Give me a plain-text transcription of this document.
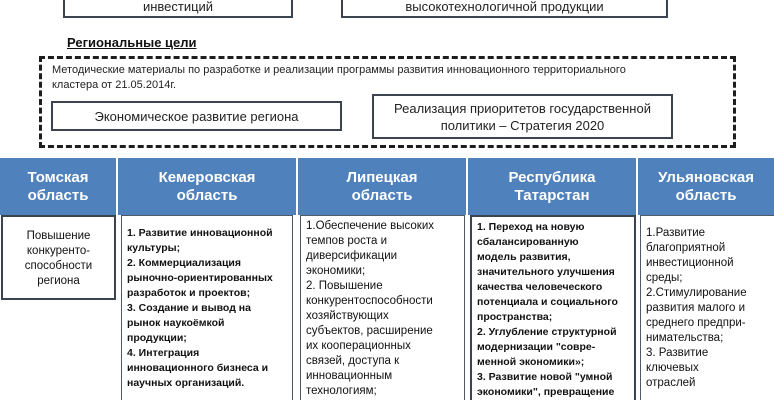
инвестиций	высокотехнологичной продукции
Региональные цели
Методические материалы по разработке и реализации программы развития инновационного территориального
кластера от 21.05.2014г.
Экономическое развитие региона
Реализация приоритетов государственной
политики – Стратегия 2020
Томская
область
Кемеровская
область
Липецкая
область
Республика
Татарстан
Ульяновская
область
Повышение
конкуренто-
способности
региона
1. Развитие инновационной
культуры;
2. Коммерциализация
рыночно-ориентированных
разработок и проектов;
3. Создание и вывод на
рынок наукоёмкой
продукции;
4. Интеграция
инновационного бизнеса и
научных организаций.
1.Обеспечение высоких
темпов роста и
диверсификации
экономики;
2. Повышение
конкурентоспособности
хозяйствующих
субъектов, расширение
их кооперационных
связей, доступа к
инновационным
технологиям;
1. Переход на новую
сбалансированную
модель развития,
значительного улучшения
качества человеческого
потенциала и социального
пространства;
2. Углубление структурной
модернизации "совре-
менной экономики»;
3. Развитие новой "умной
экономики", превращение
1.Развитие
благоприятной
инвестиционной
среды;
2.Стимулирование
развития малого и
среднего предпри-
нимательства;
3. Развитие
ключевых
отраслей
